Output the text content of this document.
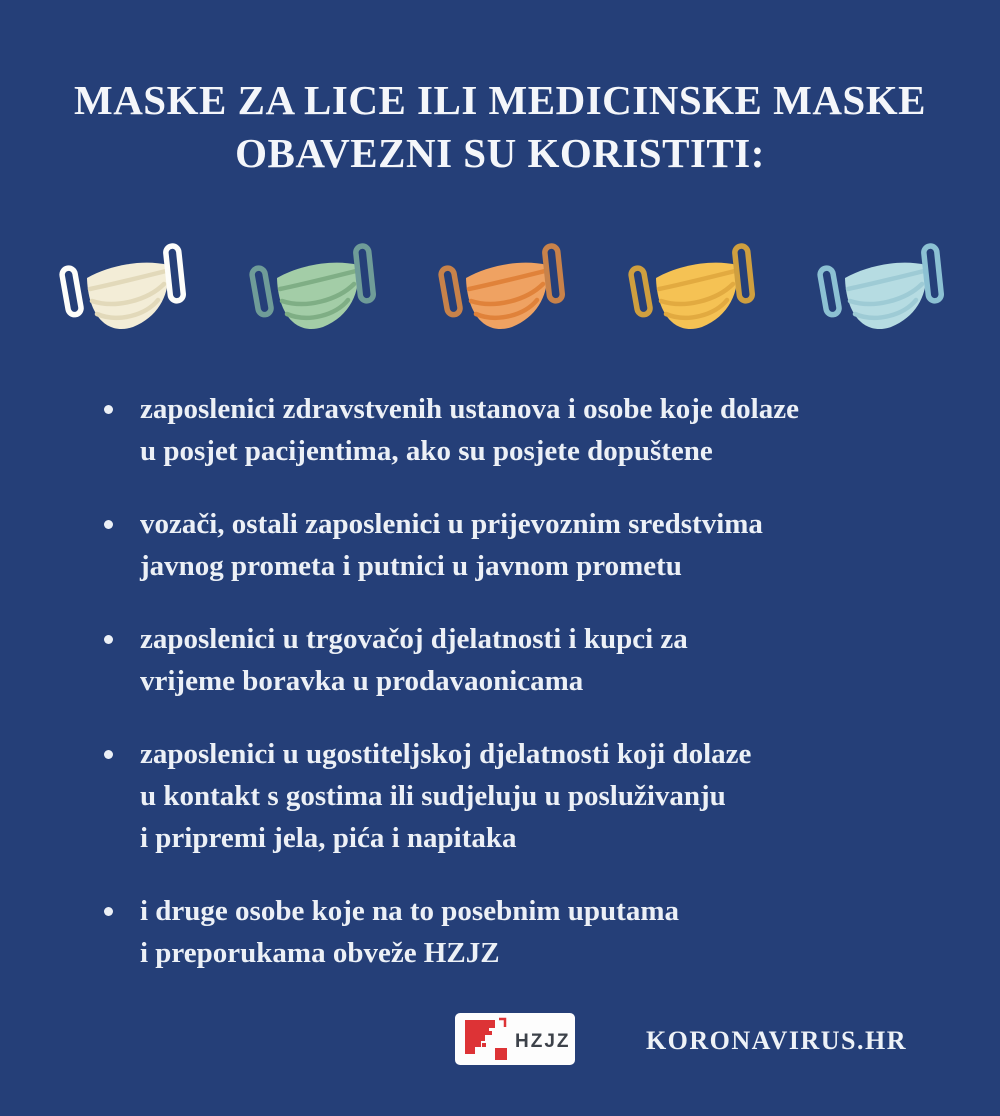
MASKE ZA LICE ILI MEDICINSKE MASKE
OBAVEZNI SU KORISTITI:
zaposlenici zdravstvenih ustanova i osobe koje dolaze
u posjet pacijentima, ako su posjete dopuštene
vozači, ostali zaposlenici u prijevoznim sredstvima
javnog prometa i putnici u javnom prometu
zaposlenici u trgovačoj djelatnosti i kupci za
vrijeme boravka u prodavaonicama
zaposlenici u ugostiteljskoj djelatnosti koji dolaze
u kontakt s gostima ili sudjeluju u posluživanju
i pripremi jela, pića i napitaka
i druge osobe koje na to posebnim uputama
i preporukama obveže HZJZ
HZJZ	KORONAVIRUS.HR
